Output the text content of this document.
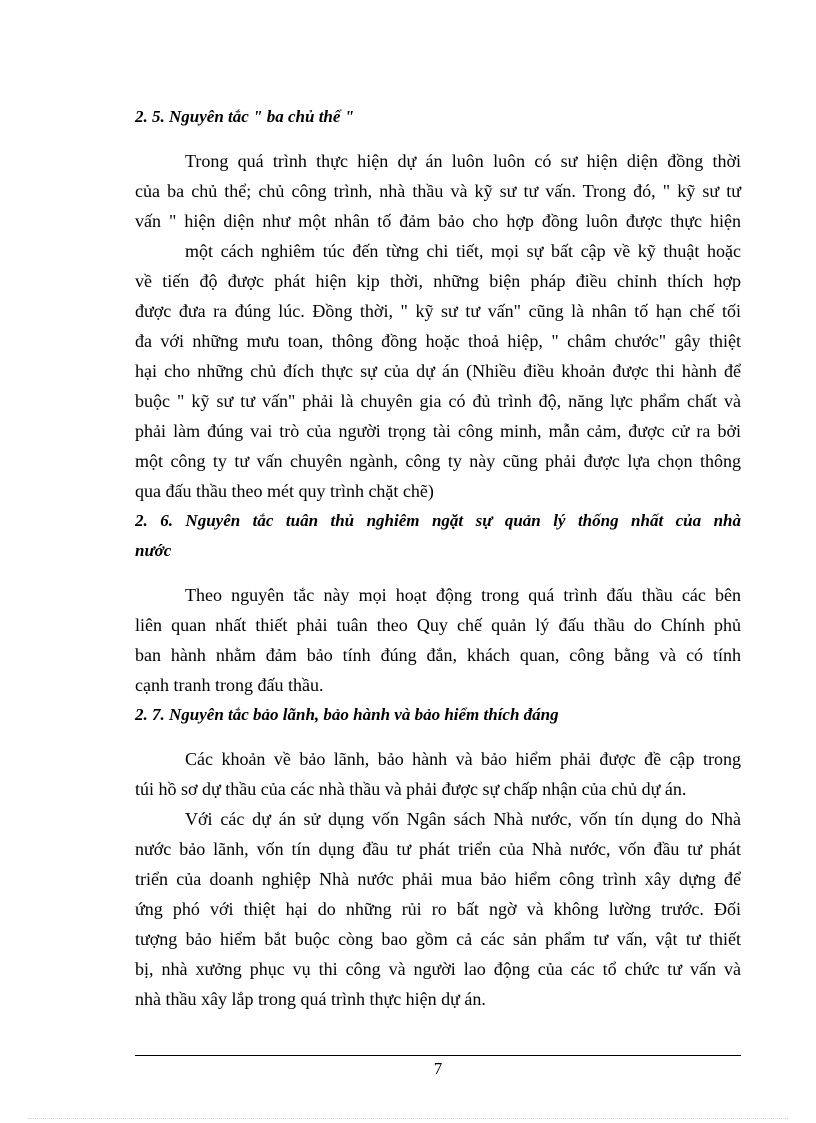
2. 5. Nguyên tắc " ba chủ thể "
Trong quá trình thực hiện dự án luôn luôn có sư hiện diện đồng thời
của ba chủ thể; chủ công trình, nhà thầu và kỹ sư tư vấn. Trong đó, " kỹ sư tư
vấn " hiện diện như một nhân tố đảm bảo cho hợp đồng luôn được thực hiện
một cách nghiêm túc đến từng chi tiết, mọi sự bất cập về kỹ thuật hoặc
về tiến độ được phát hiện kịp thời, những biện pháp điều chỉnh thích hợp
được đưa ra đúng lúc. Đồng thời, " kỹ sư tư vấn" cũng là nhân tố hạn chế tối
đa với những mưu toan, thông đồng hoặc thoả hiệp, " châm chước" gây thiệt
hại cho những chủ đích thực sự của dự án (Nhiều điều khoản được thi hành để
buộc " kỹ sư tư vấn" phải là chuyên gia có đủ trình độ, năng lực phẩm chất và
phải làm đúng vai trò của người trọng tài công minh, mẫn cảm, được cử ra bởi
một công ty tư vấn chuyên ngành, công ty này cũng phải được lựa chọn thông
qua đấu thầu theo mét quy trình chặt chẽ)
2. 6. Nguyên tắc tuân thủ nghiêm ngặt sự quản lý thống nhất của nhà
nước
Theo nguyên tắc này mọi hoạt động trong quá trình đấu thầu các bên
liên quan nhất thiết phải tuân theo Quy chế quản lý đấu thầu do Chính phủ
ban hành nhằm đảm bảo tính đúng đắn, khách quan, công bằng và có tính
cạnh tranh trong đấu thầu.
2. 7. Nguyên tắc bảo lãnh, bảo hành và bảo hiểm thích đáng
Các khoản về bảo lãnh, bảo hành và bảo hiểm phải được đề cập trong
túi hồ sơ dự thầu của các nhà thầu và phải được sự chấp nhận của chủ dự án.
Với các dự án sử dụng vốn Ngân sách Nhà nước, vốn tín dụng do Nhà
nước bảo lãnh, vốn tín dụng đầu tư phát triển của Nhà nước, vốn đầu tư phát
triển của doanh nghiệp Nhà nước phải mua bảo hiểm công trình xây dựng để
ứng phó với thiệt hại do những rủi ro bất ngờ và không lường trước. Đối
tượng bảo hiểm bắt buộc còng bao gồm cả các sản phẩm tư vấn, vật tư thiết
bị, nhà xưởng phục vụ thi công và người lao động của các tổ chức tư vấn và
nhà thầu xây lắp trong quá trình thực hiện dự án.
7
